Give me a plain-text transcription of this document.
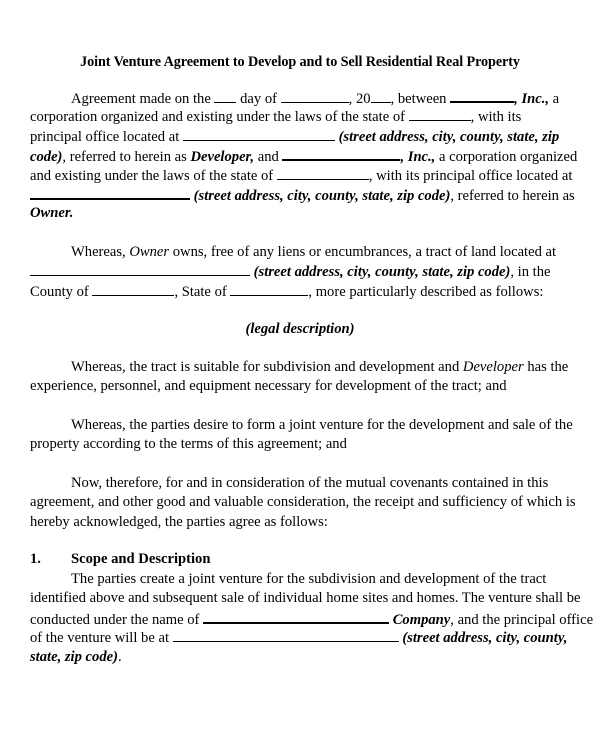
Joint Venture Agreement to Develop and to Sell Residential Real Property
Agreement made on the day of	, 20 , between	, Inc., a
corporation organized and existing under the laws of the state of	, with its
principal office located at	(street address, city, county, state, zip
code), referred to herein as Developer, and	, Inc., a corporation organized
and existing under the laws of the state of	, with its principal office located at
(street address, city, county, state, zip code), referred to herein as
Owner.
Whereas, Owner owns, free of any liens or encumbrances, a tract of land located at
(street address, city, county, state, zip code), in the
County of	, State of	, more particularly described as follows:
(legal description)
Whereas, the tract is suitable for subdivision and development and Developer has the
experience, personnel, and equipment necessary for development of the tract; and
Whereas, the parties desire to form a joint venture for the development and sale of the
property according to the terms of this agreement; and
Now, therefore, for and in consideration of the mutual covenants contained in this
agreement, and other good and valuable consideration, the receipt and sufficiency of which is
hereby acknowledged, the parties agree as follows:
1. Scope and Description
The parties create a joint venture for the subdivision and development of the tract
identified above and subsequent sale of individual home sites and homes. The venture shall be
conducted under the name of	Company, and the principal office
of the venture will be at	(street address, city, county,
state, zip code).
